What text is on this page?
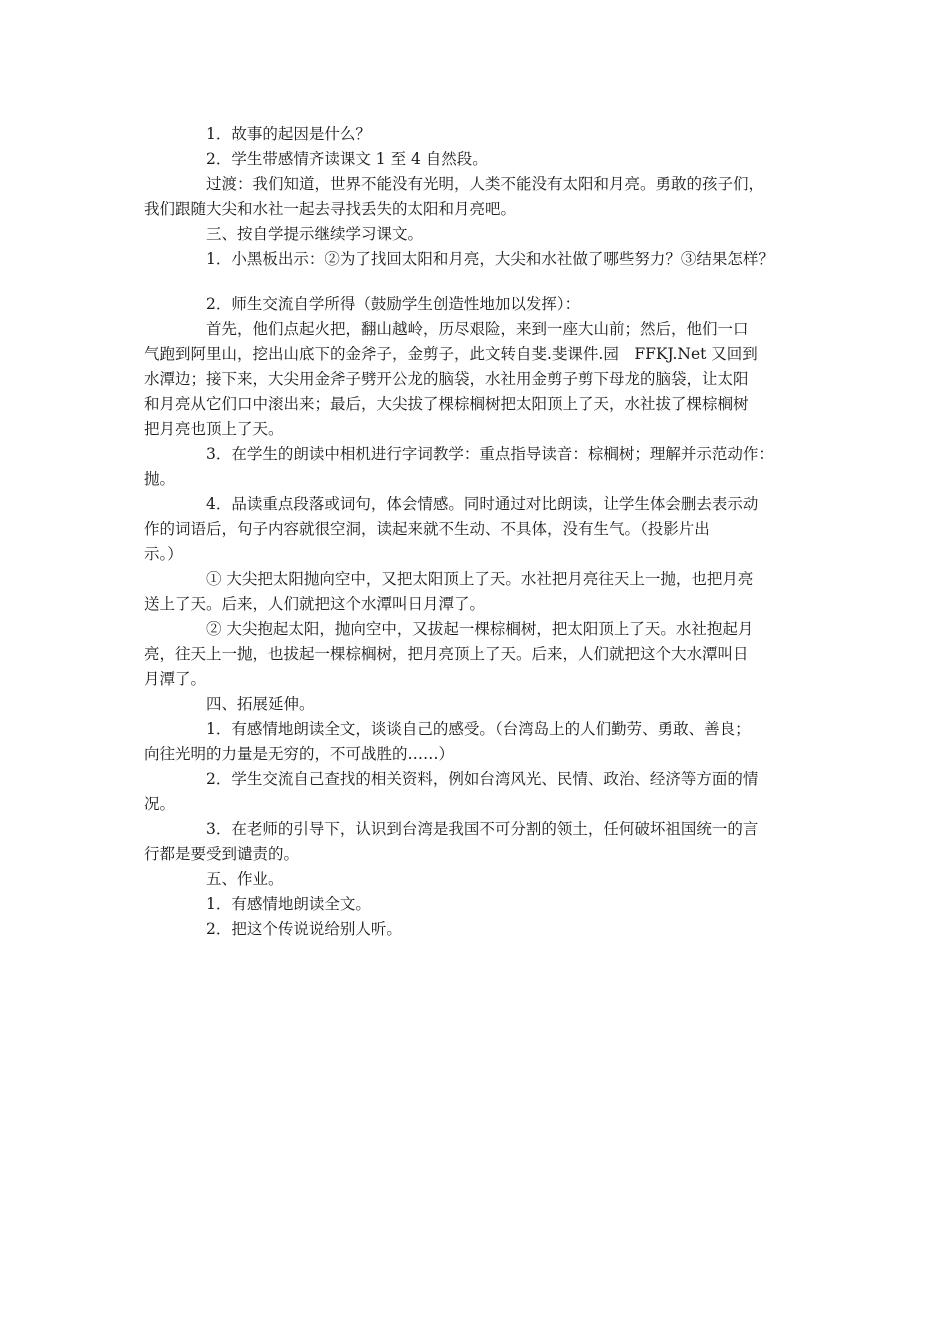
1．故事的起因是什么？
2．学生带感情齐读课文 1 至 4 自然段。
过渡：我们知道，世界不能没有光明，人类不能没有太阳和月亮。勇敢的孩子们，
我们跟随大尖和水社一起去寻找丢失的太阳和月亮吧。
三、按自学提示继续学习课文。
1．小黑板出示：②为了找回太阳和月亮，大尖和水社做了哪些努力？③结果怎样？
2．师生交流自学所得（鼓励学生创造性地加以发挥）：
首先，他们点起火把，翻山越岭，历尽艰险，来到一座大山前；然后，他们一口
气跑到阿里山，挖出山底下的金斧子，金剪子，此文转自斐.斐课件.园　FFKJ.Net 又回到
水潭边；接下来，大尖用金斧子劈开公龙的脑袋，水社用金剪子剪下母龙的脑袋，让太阳
和月亮从它们口中滚出来；最后，大尖拔了棵棕榈树把太阳顶上了天，水社拔了棵棕榈树
把月亮也顶上了天。
3．在学生的朗读中相机进行字词教学：重点指导读音：棕榈树；理解并示范动作：
抛。
4．品读重点段落或词句，体会情感。同时通过对比朗读，让学生体会删去表示动
作的词语后，句子内容就很空洞，读起来就不生动、不具体，没有生气。（投影片出
示。）
① 大尖把太阳抛向空中，又把太阳顶上了天。水社把月亮往天上一抛，也把月亮
送上了天。后来，人们就把这个水潭叫日月潭了。
② 大尖抱起太阳，抛向空中，又拔起一棵棕榈树，把太阳顶上了天。水社抱起月
亮，往天上一抛，也拔起一棵棕榈树，把月亮顶上了天。后来，人们就把这个大水潭叫日
月潭了。
四、拓展延伸。
1．有感情地朗读全文，谈谈自己的感受。（台湾岛上的人们勤劳、勇敢、善良；
向往光明的力量是无穷的，不可战胜的……）
2．学生交流自己查找的相关资料，例如台湾风光、民情、政治、经济等方面的情
况。
3．在老师的引导下，认识到台湾是我国不可分割的领土，任何破坏祖国统一的言
行都是要受到谴责的。
五、作业。
1．有感情地朗读全文。
2．把这个传说说给别人听。
